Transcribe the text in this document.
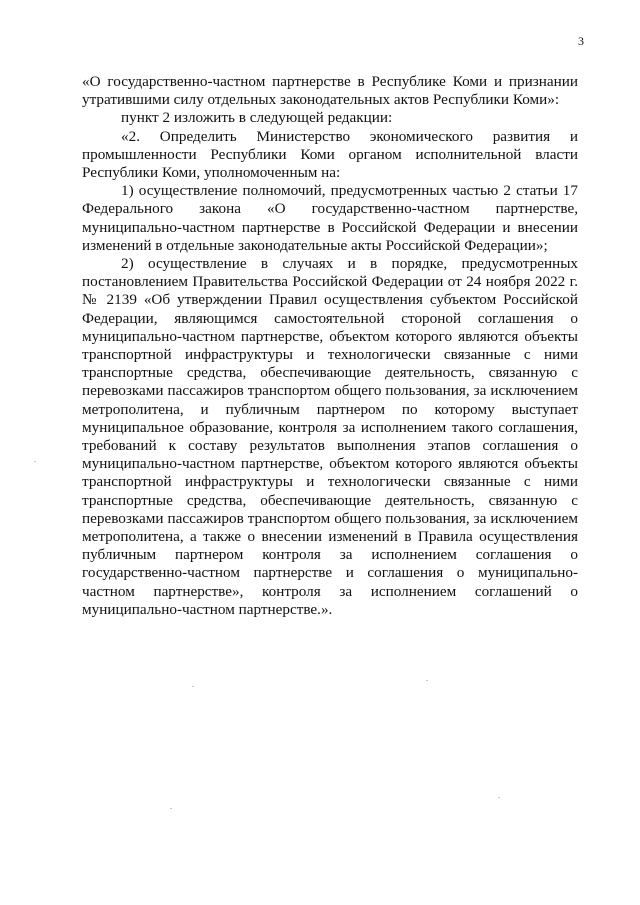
3
«О государственно-частном партнерстве в Республике Коми и признании
утратившими силу отдельных законодательных актов Республики Коми»:
пункт 2 изложить в следующей редакции:
«2. Определить Министерство экономического развития и
промышленности Республики Коми органом исполнительной власти
Республики Коми, уполномоченным на:
1) осуществление полномочий, предусмотренных частью 2 статьи 17
Федерального закона «О государственно-частном партнерстве,
муниципально-частном партнерстве в Российской Федерации и внесении
изменений в отдельные законодательные акты Российской Федерации»;
2) осуществление в случаях и в порядке, предусмотренных
постановлением Правительства Российской Федерации от 24 ноября 2022 г.
№ 2139 «Об утверждении Правил осуществления субъектом Российской
Федерации, являющимся самостоятельной стороной соглашения о
муниципально-частном партнерстве, объектом которого являются объекты
транспортной инфраструктуры и технологически связанные с ними
транспортные средства, обеспечивающие деятельность, связанную с
перевозками пассажиров транспортом общего пользования, за исключением
метрополитена, и публичным партнером по которому выступает
муниципальное образование, контроля за исполнением такого соглашения,
требований к составу результатов выполнения этапов соглашения о
муниципально-частном партнерстве, объектом которого являются объекты
транспортной инфраструктуры и технологически связанные с ними
транспортные средства, обеспечивающие деятельность, связанную с
перевозками пассажиров транспортом общего пользования, за исключением
метрополитена, а также о внесении изменений в Правила осуществления
публичным партнером контроля за исполнением соглашения о
государственно-частном партнерстве и соглашения о муниципально-
частном партнерстве», контроля за исполнением соглашений о
муниципально-частном партнерстве.».
